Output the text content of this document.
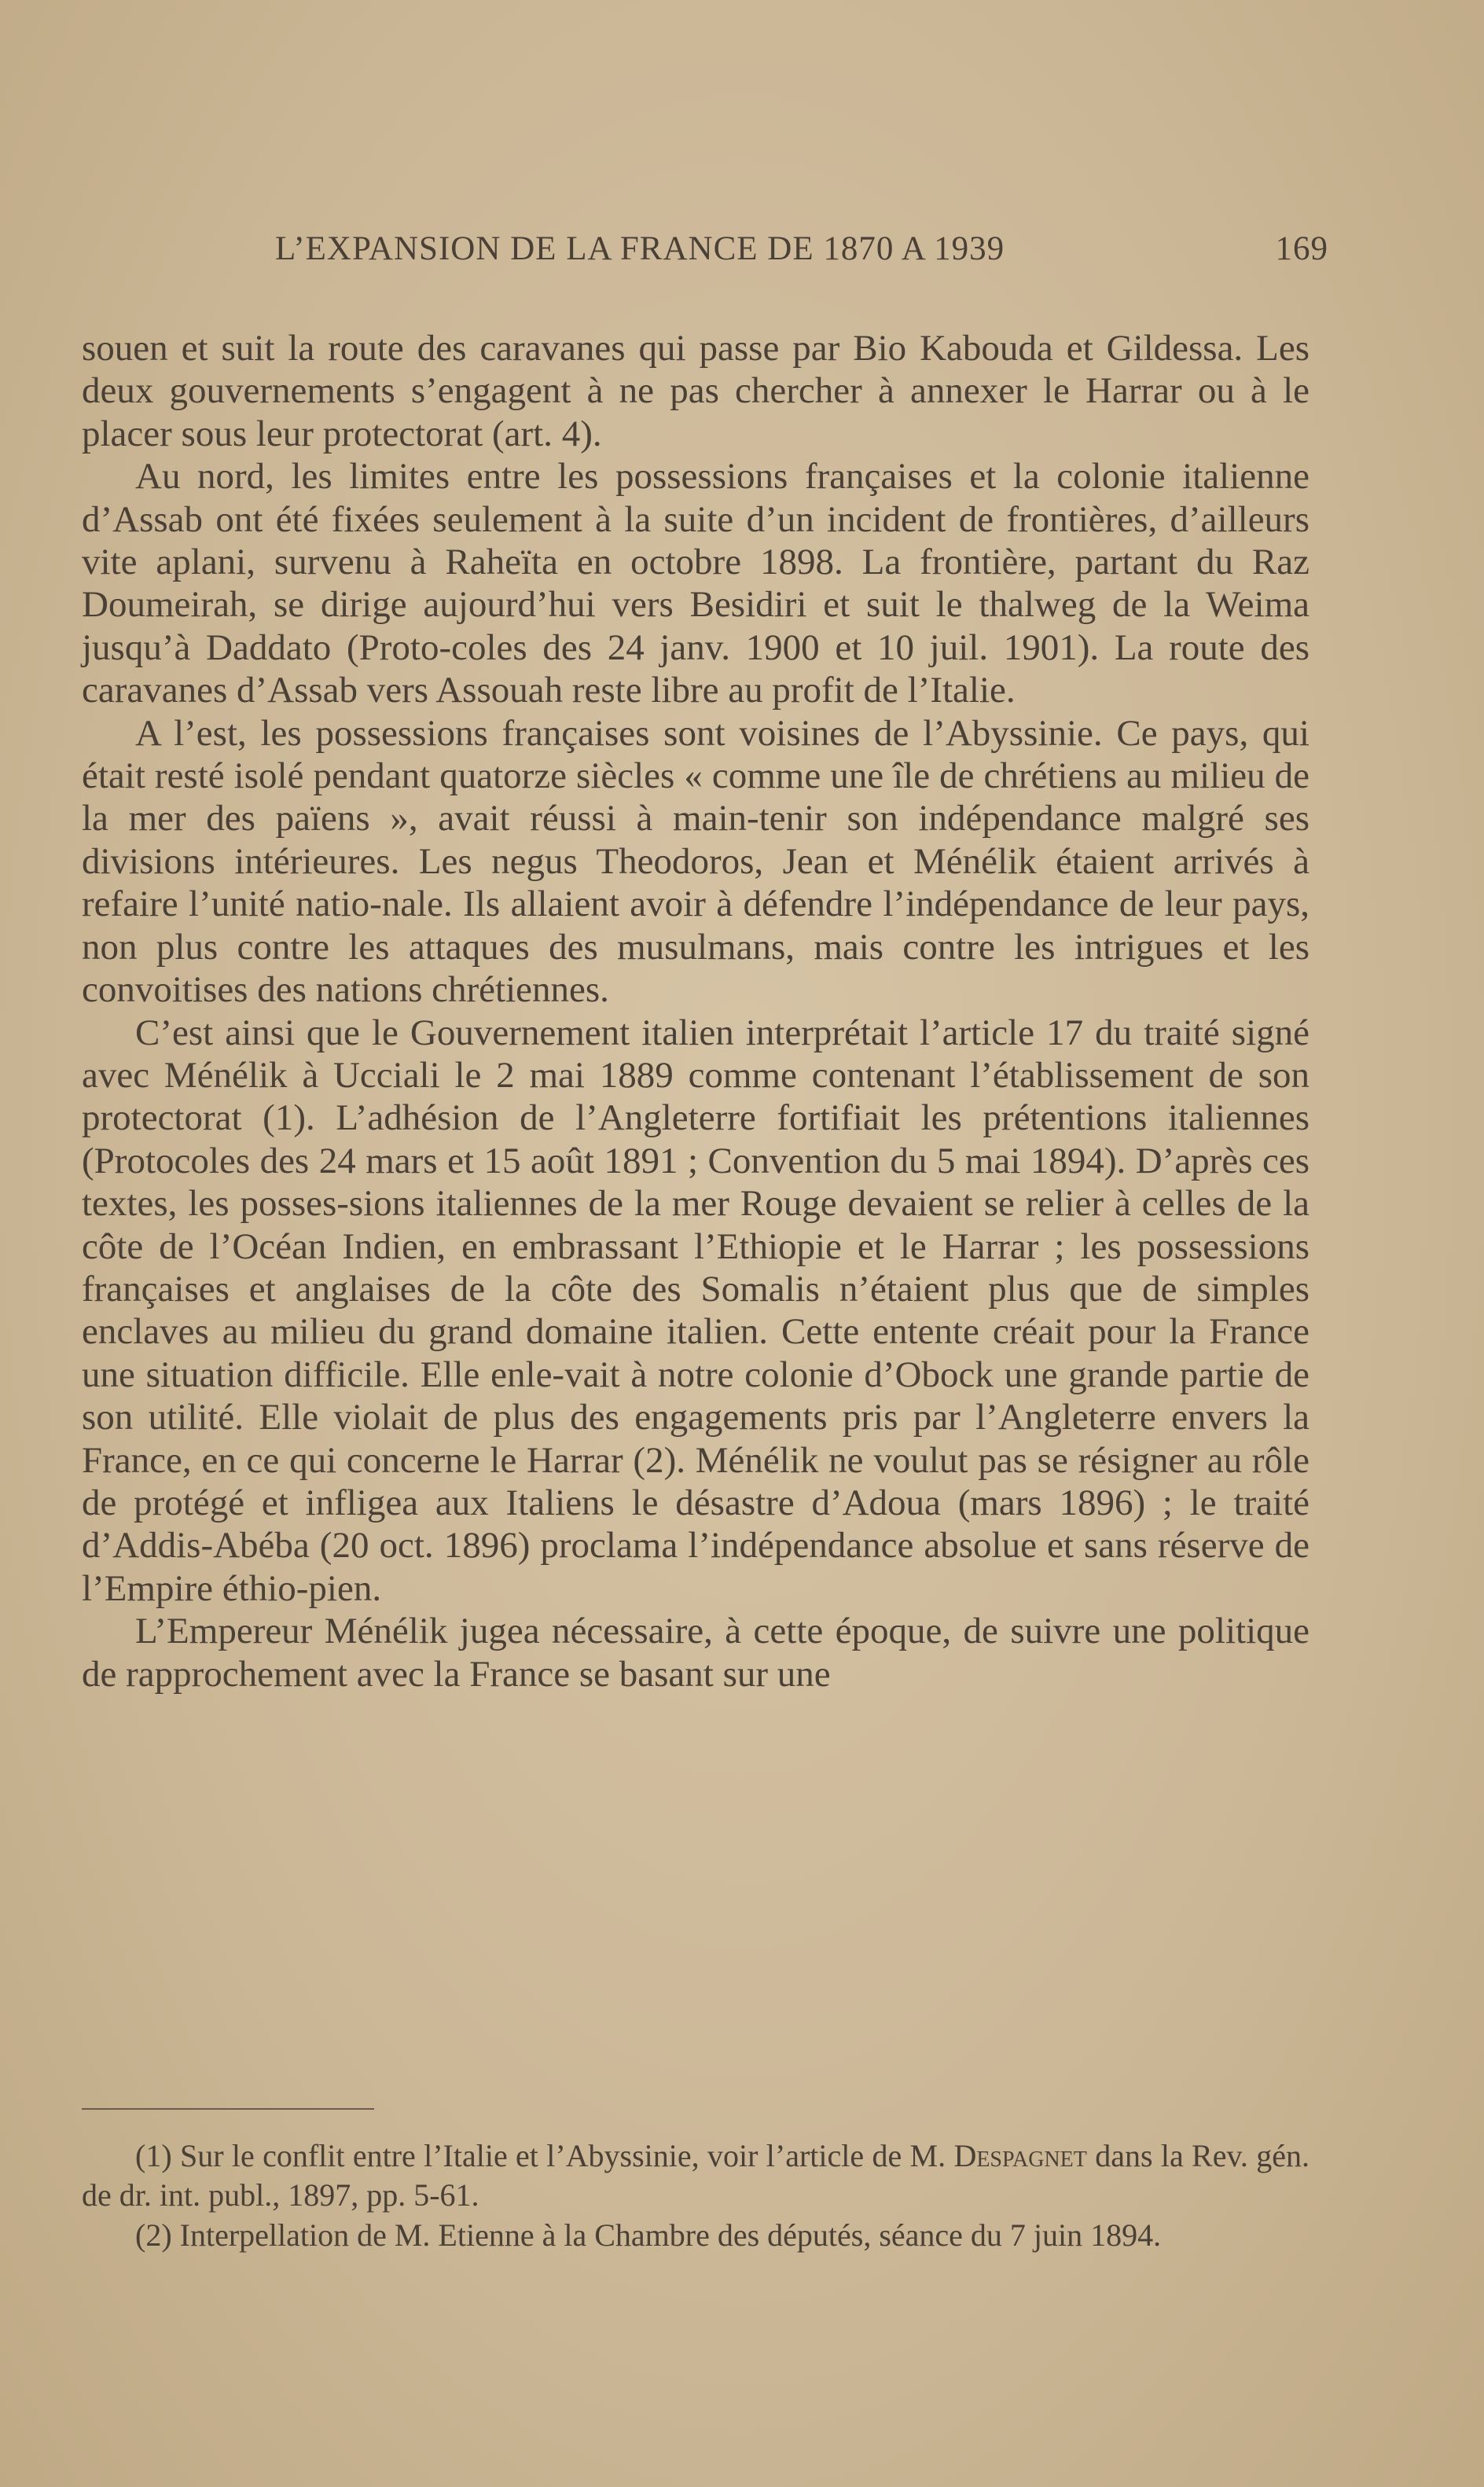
L’EXPANSION DE LA FRANCE DE 1870 A 1939	169

souen et suit la route des caravanes qui passe par Bio Kabouda et Gildessa. Les deux gouvernements s’engagent à ne pas chercher à annexer le Harrar ou à le placer sous leur protectorat (art. 4).

Au nord, les limites entre les possessions françaises et la colonie italienne d’Assab ont été fixées seulement à la suite d’un incident de frontières, d’ailleurs vite aplani, survenu à Raheïta en octobre 1898. La frontière, partant du Raz Doumeirah, se dirige aujourd’hui vers Besidiri et suit le thalweg de la Weima jusqu’à Daddato (Proto-coles des 24 janv. 1900 et 10 juil. 1901). La route des caravanes d’Assab vers Assouah reste libre au profit de l’Italie.

A l’est, les possessions françaises sont voisines de l’Abyssinie. Ce pays, qui était resté isolé pendant quatorze siècles « comme une île de chrétiens au milieu de la mer des païens », avait réussi à main-tenir son indépendance malgré ses divisions intérieures. Les negus Theodoros, Jean et Ménélik étaient arrivés à refaire l’unité natio-nale. Ils allaient avoir à défendre l’indépendance de leur pays, non plus contre les attaques des musulmans, mais contre les intrigues et les convoitises des nations chrétiennes.

C’est ainsi que le Gouvernement italien interprétait l’article 17 du traité signé avec Ménélik à Ucciali le 2 mai 1889 comme contenant l’établissement de son protectorat (1). L’adhésion de l’Angleterre fortifiait les prétentions italiennes (Protocoles des 24 mars et 15 août 1891 ; Convention du 5 mai 1894). D’après ces textes, les posses-sions italiennes de la mer Rouge devaient se relier à celles de la côte de l’Océan Indien, en embrassant l’Ethiopie et le Harrar ; les possessions françaises et anglaises de la côte des Somalis n’étaient plus que de simples enclaves au milieu du grand domaine italien. Cette entente créait pour la France une situation difficile. Elle enle-vait à notre colonie d’Obock une grande partie de son utilité. Elle violait de plus des engagements pris par l’Angleterre envers la France, en ce qui concerne le Harrar (2). Ménélik ne voulut pas se résigner au rôle de protégé et infligea aux Italiens le désastre d’Adoua (mars 1896) ; le traité d’Addis-Abéba (20 oct. 1896) proclama l’indépendance absolue et sans réserve de l’Empire éthio-pien.

L’Empereur Ménélik jugea nécessaire, à cette époque, de suivre une politique de rapprochement avec la France se basant sur une

(1) Sur le conflit entre l’Italie et l’Abyssinie, voir l’article de M. Despagnet dans la Rev. gén. de dr. int. publ., 1897, pp. 5-61.

(2) Interpellation de M. Etienne à la Chambre des députés, séance du 7 juin 1894.
